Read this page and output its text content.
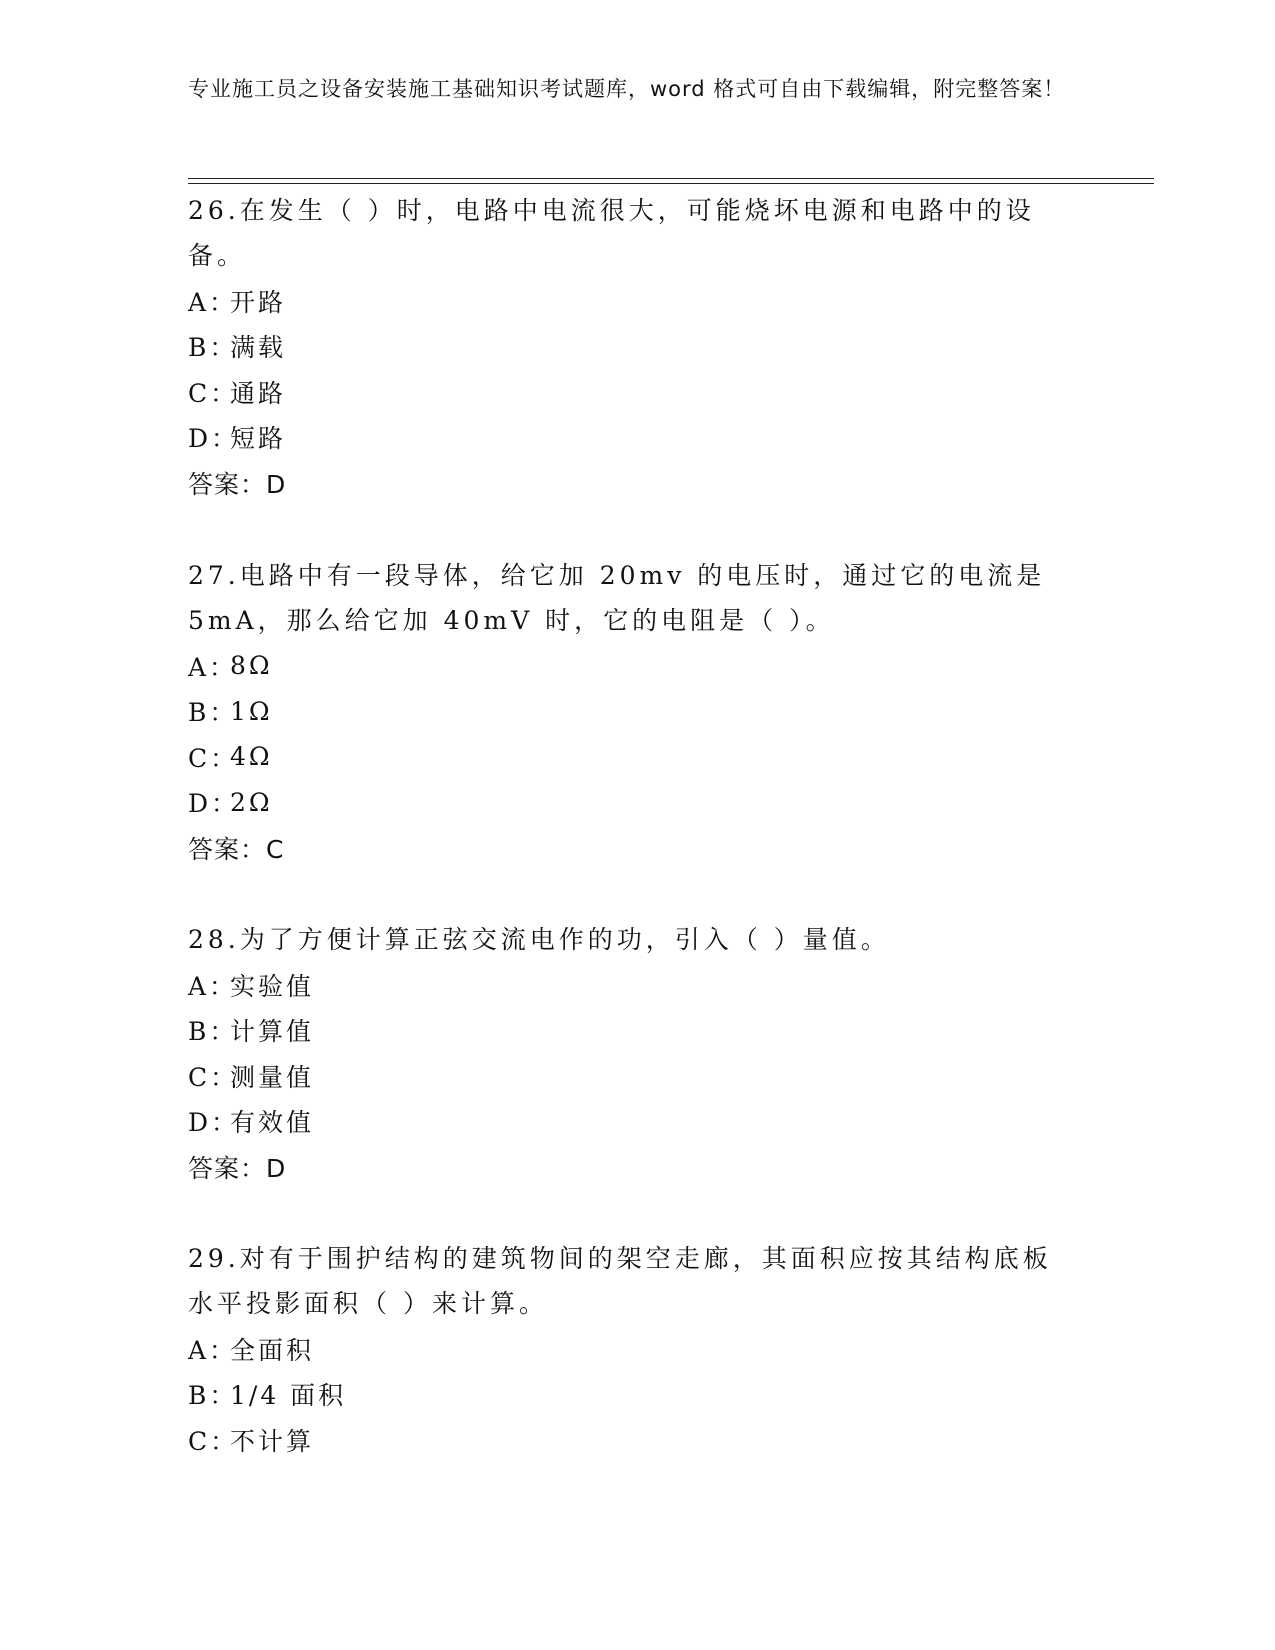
专业施工员之设备安装施工基础知识考试题库，word 格式可自由下载编辑，附完整答案！

26.在发生（ ）时，电路中电流很大，可能烧坏电源和电路中的设备。

A：
开路
B：
满载
C：
通路
D：
短路
答案：D

27.电路中有一段导体，给它加 20mv 的电压时，通过它的电流是 5mA，那么给它加 40mV 时，它的电阻是（ ）。

A：
8Ω
B：
1Ω
C：
4Ω
D：
2Ω
答案：C

28.为了方便计算正弦交流电作的功，引入（ ）量值。

A：
实验值
B：
计算值
C：
测量值
D：
有效值
答案：D

29.对有于围护结构的建筑物间的架空走廊，其面积应按其结构底板水平投影面积（ ）来计算。

A：
全面积
B：
1/4 面积
C：
不计算
